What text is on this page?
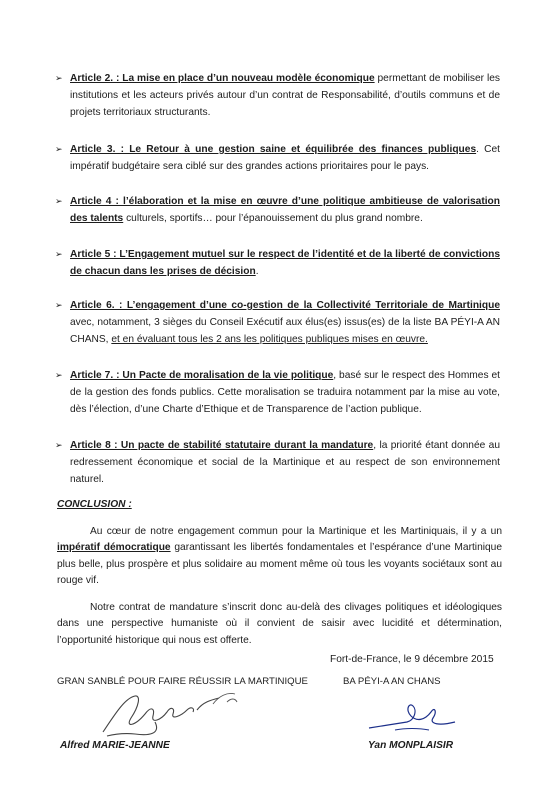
➢ Article 2. : La mise en place d’un nouveau modèle économique permettant de mobiliser les institutions et les acteurs privés autour d’un contrat de Responsabilité, d’outils communs et de projets territoriaux structurants.

➢ Article 3. : Le Retour à une gestion saine et équilibrée des finances publiques. Cet impératif budgétaire sera ciblé sur des grandes actions prioritaires pour le pays.

➢ Article 4 : l’élaboration et la mise en œuvre d’une politique ambitieuse de valorisation des talents culturels, sportifs… pour l’épanouissement du plus grand nombre.

➢ Article 5 : L’Engagement mutuel sur le respect de l’identité et de la liberté de convictions de chacun dans les prises de décision.

➢ Article 6. : L’engagement d’une co-gestion de la Collectivité Territoriale de Martinique avec, notamment, 3 sièges du Conseil Exécutif aux élus(es) issus(es) de la liste BA PÉYI-A AN CHANS, et en évaluant tous les 2 ans les politiques publiques mises en œuvre.

➢ Article 7. : Un Pacte de moralisation de la vie politique, basé sur le respect des Hommes et de la gestion des fonds publics. Cette moralisation se traduira notamment par la mise au vote, dès l’élection, d’une Charte d’Ethique et de Transparence de l’action publique.

➢ Article 8 : Un pacte de stabilité statutaire durant la mandature, la priorité étant donnée au redressement économique et social de la Martinique et au respect de son environnement naturel.

CONCLUSION :

Au cœur de notre engagement commun pour la Martinique et les Martiniquais, il y a un impératif démocratique garantissant les libertés fondamentales et l’espérance d’une Martinique plus belle, plus prospère et plus solidaire au moment même où tous les voyants sociétaux sont au rouge vif.

Notre contrat de mandature s’inscrit donc au-delà des clivages politiques et idéologiques dans une perspective humaniste où il convient de saisir avec lucidité et détermination, l’opportunité historique qui nous est offerte.

Fort-de-France, le 9 décembre 2015
GRAN SANBLÉ POUR FAIRE RÉUSSIR LA MARTINIQUE	BA PÉYI-A AN CHANS
Alfred MARIE-JEANNE	Yan MONPLAISIR
